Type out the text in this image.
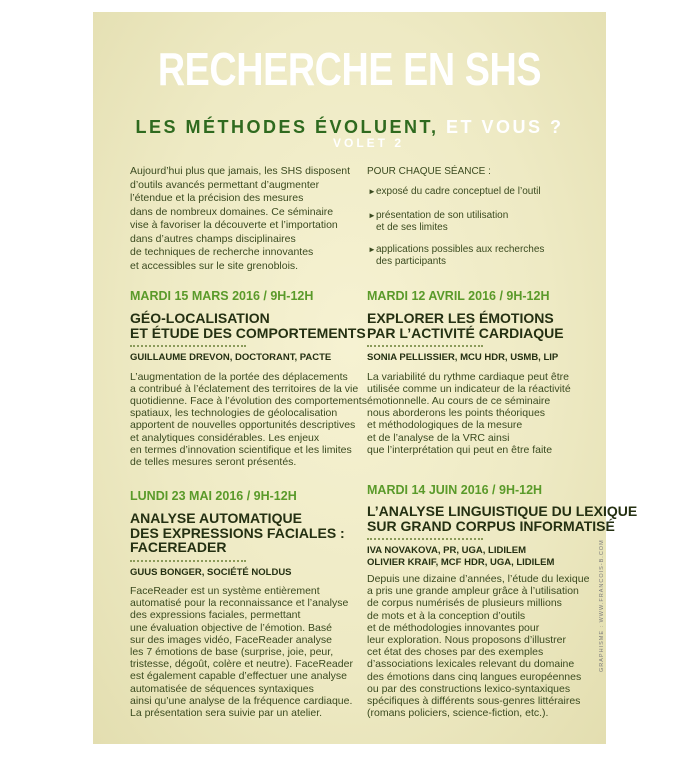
RECHERCHE EN SHS
LES MÉTHODES ÉVOLUENT, ET VOUS ?
VOLET 2
Aujourd’hui plus que jamais, les SHS disposent
d’outils avancés permettant d’augmenter
l’étendue et la précision des mesures
dans de nombreux domaines. Ce séminaire
vise à favoriser la découverte et l’importation
dans d’autres champs disciplinaires
de techniques de recherche innovantes
et accessibles sur le site grenoblois.
POUR CHAQUE SÉANCE :
► exposé du cadre conceptuel de l’outil
► présentation de son utilisation
et de ses limites
► applications possibles aux recherches
des participants
MARDI 15 MARS 2016 / 9H-12H
GÉO-LOCALISATION
ET ÉTUDE DES COMPORTEMENTS
GUILLAUME DREVON, DOCTORANT, PACTE
L’augmentation de la portée des déplacements
a contribué à l’éclatement des territoires de la vie
quotidienne. Face à l’évolution des comportements
spatiaux, les technologies de géolocalisation
apportent de nouvelles opportunités descriptives
et analytiques considérables. Les enjeux
en termes d’innovation scientifique et les limites
de telles mesures seront présentés.
MARDI 12 AVRIL 2016 / 9H-12H
EXPLORER LES ÉMOTIONS
PAR L’ACTIVITÉ CARDIAQUE
SONIA PELLISSIER, MCU HDR, USMB, LIP
La variabilité du rythme cardiaque peut être
utilisée comme un indicateur de la réactivité
émotionnelle. Au cours de ce séminaire
nous aborderons les points théoriques
et méthodologiques de la mesure
et de l’analyse de la VRC ainsi
que l’interprétation qui peut en être faite
LUNDI 23 MAI 2016 / 9H-12H
ANALYSE AUTOMATIQUE
DES EXPRESSIONS FACIALES :
FACEREADER
GUUS BONGER, SOCIÉTÉ NOLDUS
FaceReader est un système entièrement
automatisé pour la reconnaissance et l’analyse
des expressions faciales, permettant
une évaluation objective de l’émotion. Basé
sur des images vidéo, FaceReader analyse
les 7 émotions de base (surprise, joie, peur,
tristesse, dégoût, colère et neutre). FaceReader
est également capable d’effectuer une analyse
automatisée de séquences syntaxiques
ainsi qu’une analyse de la fréquence cardiaque.
La présentation sera suivie par un atelier.
MARDI 14 JUIN 2016 / 9H-12H
L’ANALYSE LINGUISTIQUE DU LEXIQUE
SUR GRAND CORPUS INFORMATISÉ
IVA NOVAKOVA, PR, UGA, LIDILEM
OLIVIER KRAIF, MCF HDR, UGA, LIDILEM
Depuis une dizaine d’années, l’étude du lexique
a pris une grande ampleur grâce à l’utilisation
de corpus numérisés de plusieurs millions
de mots et à la conception d’outils
et de méthodologies innovantes pour
leur exploration. Nous proposons d’illustrer
cet état des choses par des exemples
d’associations lexicales relevant du domaine
des émotions dans cinq langues européennes
ou par des constructions lexico-syntaxiques
spécifiques à différents sous-genres littéraires
(romans policiers, science-fiction, etc.).
GRAPHISME : WWW.FRANCOIS-B.COM
